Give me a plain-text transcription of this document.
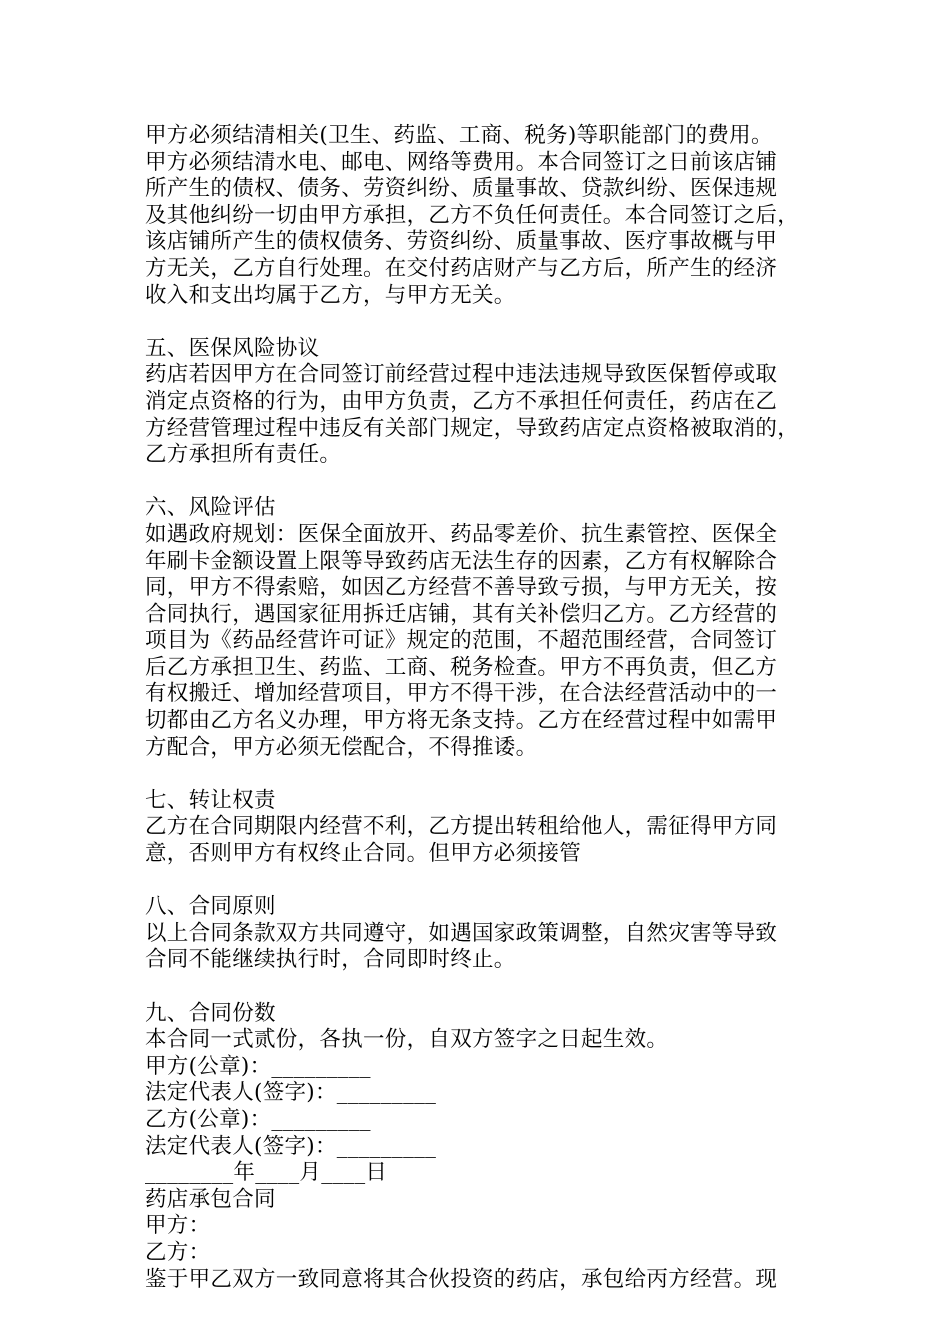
甲方必须结清相关(卫生、药监、工商、税务)等职能部门的费用。
甲方必须结清水电、邮电、网络等费用。本合同签订之日前该店铺
所产生的债权、债务、劳资纠纷、质量事故、贷款纠纷、医保违规
及其他纠纷一切由甲方承担，乙方不负任何责任。本合同签订之后，
该店铺所产生的债权债务、劳资纠纷、质量事故、医疗事故概与甲
方无关，乙方自行处理。在交付药店财产与乙方后，所产生的经济
收入和支出均属于乙方，与甲方无关。
五、医保风险协议
药店若因甲方在合同签订前经营过程中违法违规导致医保暂停或取
消定点资格的行为，由甲方负责，乙方不承担任何责任，药店在乙
方经营管理过程中违反有关部门规定，导致药店定点资格被取消的，
乙方承担所有责任。
六、风险评估
如遇政府规划：医保全面放开、药品零差价、抗生素管控、医保全
年刷卡金额设置上限等导致药店无法生存的因素，乙方有权解除合
同，甲方不得索赔，如因乙方经营不善导致亏损，与甲方无关，按
合同执行，遇国家征用拆迁店铺，其有关补偿归乙方。乙方经营的
项目为《药品经营许可证》规定的范围，不超范围经营，合同签订
后乙方承担卫生、药监、工商、税务检查。甲方不再负责，但乙方
有权搬迁、增加经营项目，甲方不得干涉，在合法经营活动中的一
切都由乙方名义办理，甲方将无条支持。乙方在经营过程中如需甲
方配合，甲方必须无偿配合，不得推诿。
七、转让权责
乙方在合同期限内经营不利，乙方提出转租给他人，需征得甲方同
意，否则甲方有权终止合同。但甲方必须接管
八、合同原则
以上合同条款双方共同遵守，如遇国家政策调整，自然灾害等导致
合同不能继续执行时，合同即时终止。
九、合同份数
本合同一式贰份，各执一份，自双方签字之日起生效。
甲方(公章)：_________
法定代表人(签字)：_________
乙方(公章)：_________
法定代表人(签字)：_________
________年____月____日
药店承包合同
甲方：
乙方：
鉴于甲乙双方一致同意将其合伙投资的药店，承包给丙方经营。现
